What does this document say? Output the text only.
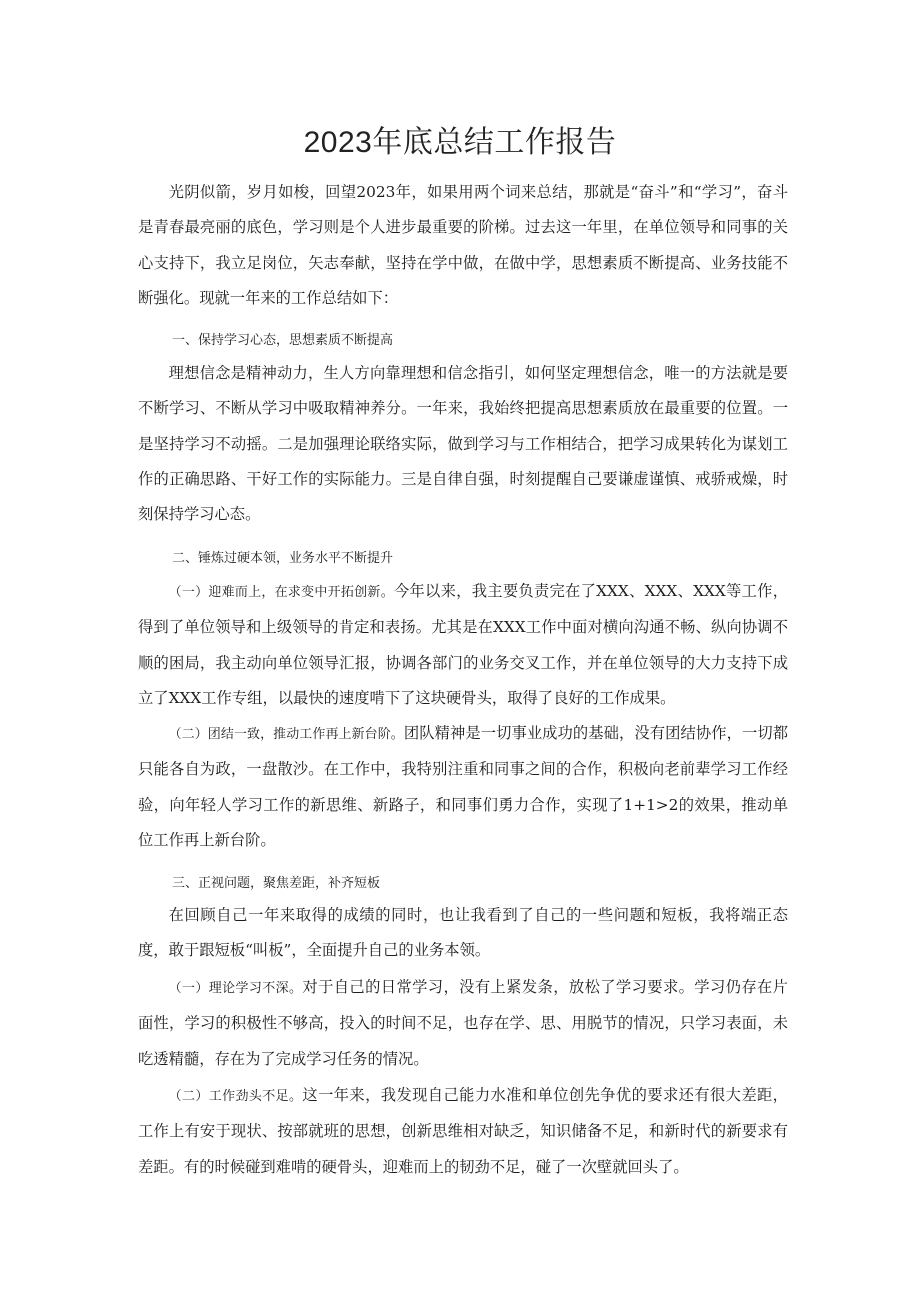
2023年底总结工作报告

光阴似箭，岁月如梭，回望2023年，如果用两个词来总结，那就是“奋斗”和“学习”，奋斗是青春最亮丽的底色，学习则是个人进步最重要的阶梯。过去这一年里，在单位领导和同事的关心支持下，我立足岗位，矢志奉献，坚持在学中做，在做中学，思想素质不断提高、业务技能不断强化。现就一年来的工作总结如下：

一、保持学习心态，思想素质不断提高

理想信念是精神动力，生人方向靠理想和信念指引，如何坚定理想信念，唯一的方法就是要不断学习、不断从学习中吸取精神养分。一年来，我始终把提高思想素质放在最重要的位置。一是坚持学习不动摇。二是加强理论联络实际，做到学习与工作相结合，把学习成果转化为谋划工作的正确思路、干好工作的实际能力。三是自律自强，时刻提醒自己要谦虚谨慎、戒骄戒燥，时刻保持学习心态。

二、锤炼过硬本领，业务水平不断提升

（一）迎难而上，在求变中开拓创新。今年以来，我主要负责完在了XXX、XXX、XXX等工作，得到了单位领导和上级领导的肯定和表扬。尤其是在XXX工作中面对横向沟通不畅、纵向协调不顺的困局，我主动向单位领导汇报，协调各部门的业务交叉工作，并在单位领导的大力支持下成立了XXX工作专组，以最快的速度啃下了这块硬骨头，取得了良好的工作成果。

（二）团结一致，推动工作再上新台阶。团队精神是一切事业成功的基础，没有团结协作，一切都只能各自为政，一盘散沙。在工作中，我特别注重和同事之间的合作，积极向老前辈学习工作经验，向年轻人学习工作的新思维、新路子，和同事们勇力合作，实现了1+1>2的效果，推动单位工作再上新台阶。

三、正视问题，聚焦差距，补齐短板

在回顾自己一年来取得的成绩的同时，也让我看到了自己的一些问题和短板，我将端正态度，敢于跟短板“叫板”，全面提升自己的业务本领。

（一）理论学习不深。对于自己的日常学习，没有上紧发条，放松了学习要求。学习仍存在片面性，学习的积极性不够高，投入的时间不足，也存在学、思、用脱节的情况，只学习表面，未吃透精髓，存在为了完成学习任务的情况。

（二）工作劲头不足。这一年来，我发现自己能力水准和单位创先争优的要求还有很大差距，工作上有安于现状、按部就班的思想，创新思维相对缺乏，知识储备不足，和新时代的新要求有差距。有的时候碰到难啃的硬骨头，迎难而上的韧劲不足，碰了一次壁就回头了。
